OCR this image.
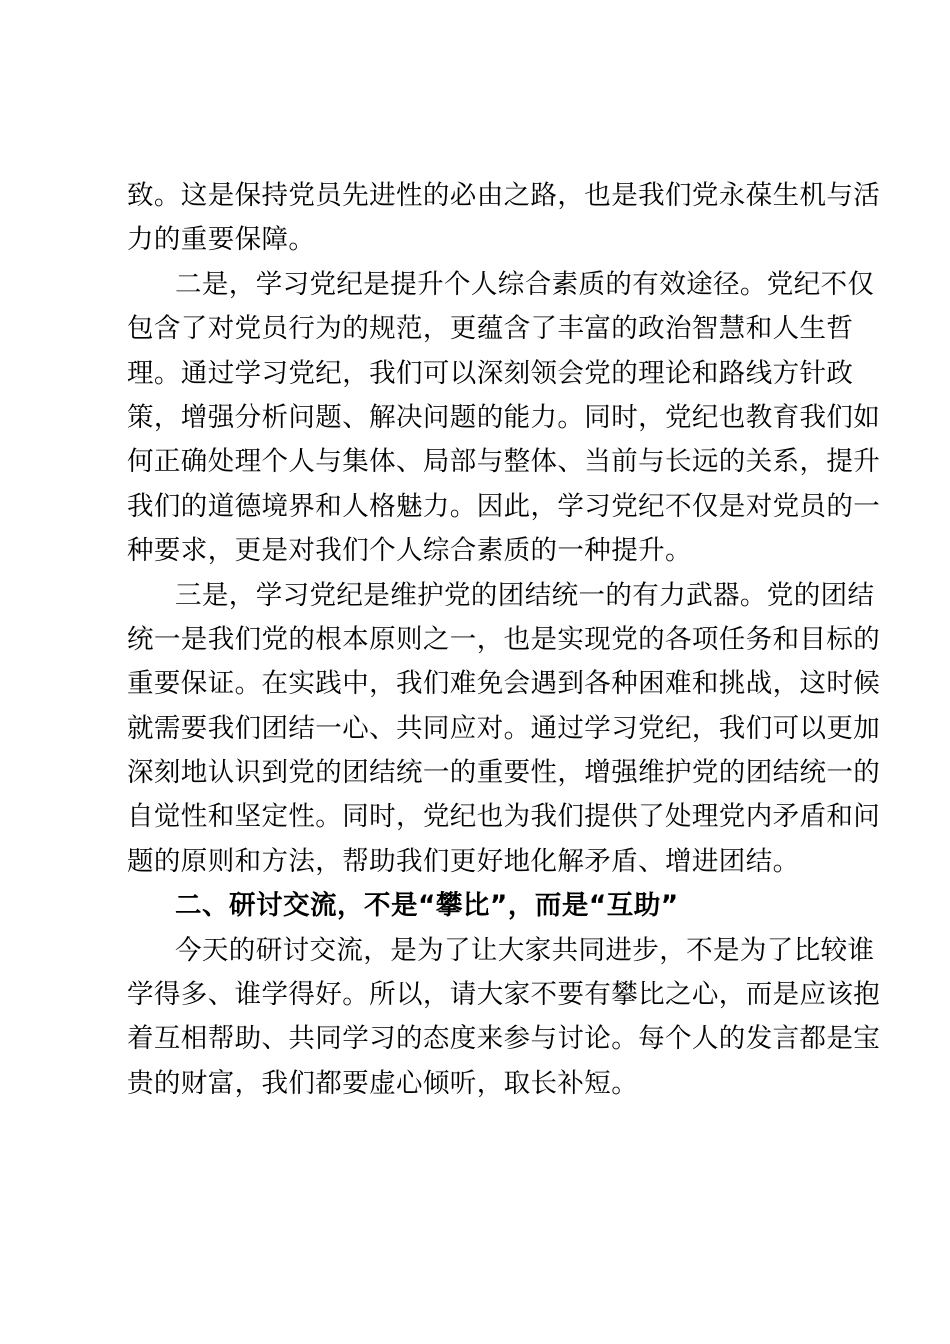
致。这是保持党员先进性的必由之路，也是我们党永葆生机与活
力的重要保障。
二是，学习党纪是提升个人综合素质的有效途径。党纪不仅
包含了对党员行为的规范，更蕴含了丰富的政治智慧和人生哲
理。通过学习党纪，我们可以深刻领会党的理论和路线方针政
策，增强分析问题、解决问题的能力。同时，党纪也教育我们如
何正确处理个人与集体、局部与整体、当前与长远的关系，提升
我们的道德境界和人格魅力。因此，学习党纪不仅是对党员的一
种要求，更是对我们个人综合素质的一种提升。
三是，学习党纪是维护党的团结统一的有力武器。党的团结
统一是我们党的根本原则之一，也是实现党的各项任务和目标的
重要保证。在实践中，我们难免会遇到各种困难和挑战，这时候
就需要我们团结一心、共同应对。通过学习党纪，我们可以更加
深刻地认识到党的团结统一的重要性，增强维护党的团结统一的
自觉性和坚定性。同时，党纪也为我们提供了处理党内矛盾和问
题的原则和方法，帮助我们更好地化解矛盾、增进团结。
二、研讨交流，不是“攀比”，而是“互助”
今天的研讨交流，是为了让大家共同进步，不是为了比较谁
学得多、谁学得好。所以，请大家不要有攀比之心，而是应该抱
着互相帮助、共同学习的态度来参与讨论。每个人的发言都是宝
贵的财富，我们都要虚心倾听，取长补短。
